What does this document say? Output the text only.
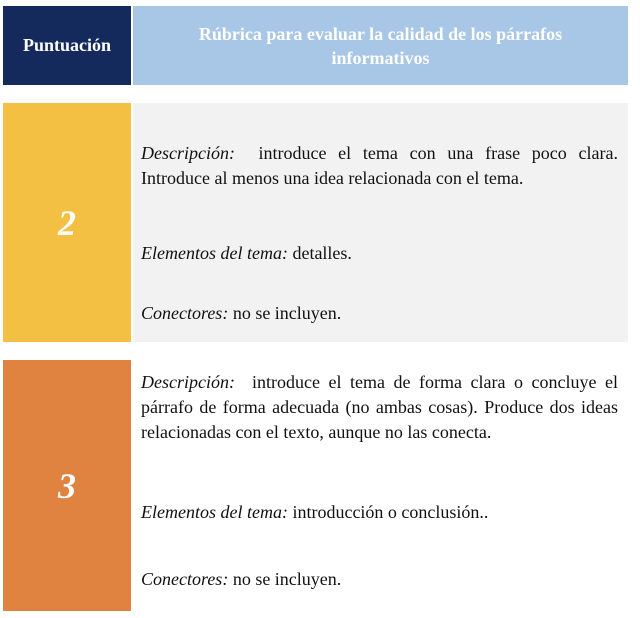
Puntuación
Rúbrica para evaluar la calidad de los párrafos informativos
2

Descripción: introduce el tema con una frase poco clara. Introduce al menos una idea relacionada con el tema.

Elementos del tema: detalles.

Conectores: no se incluyen.

3

Descripción: introduce el tema de forma clara o concluye el párrafo de forma adecuada (no ambas cosas). Produce dos ideas relacionadas con el texto, aunque no las conecta.

Elementos del tema: introducción o conclusión..

Conectores: no se incluyen.
